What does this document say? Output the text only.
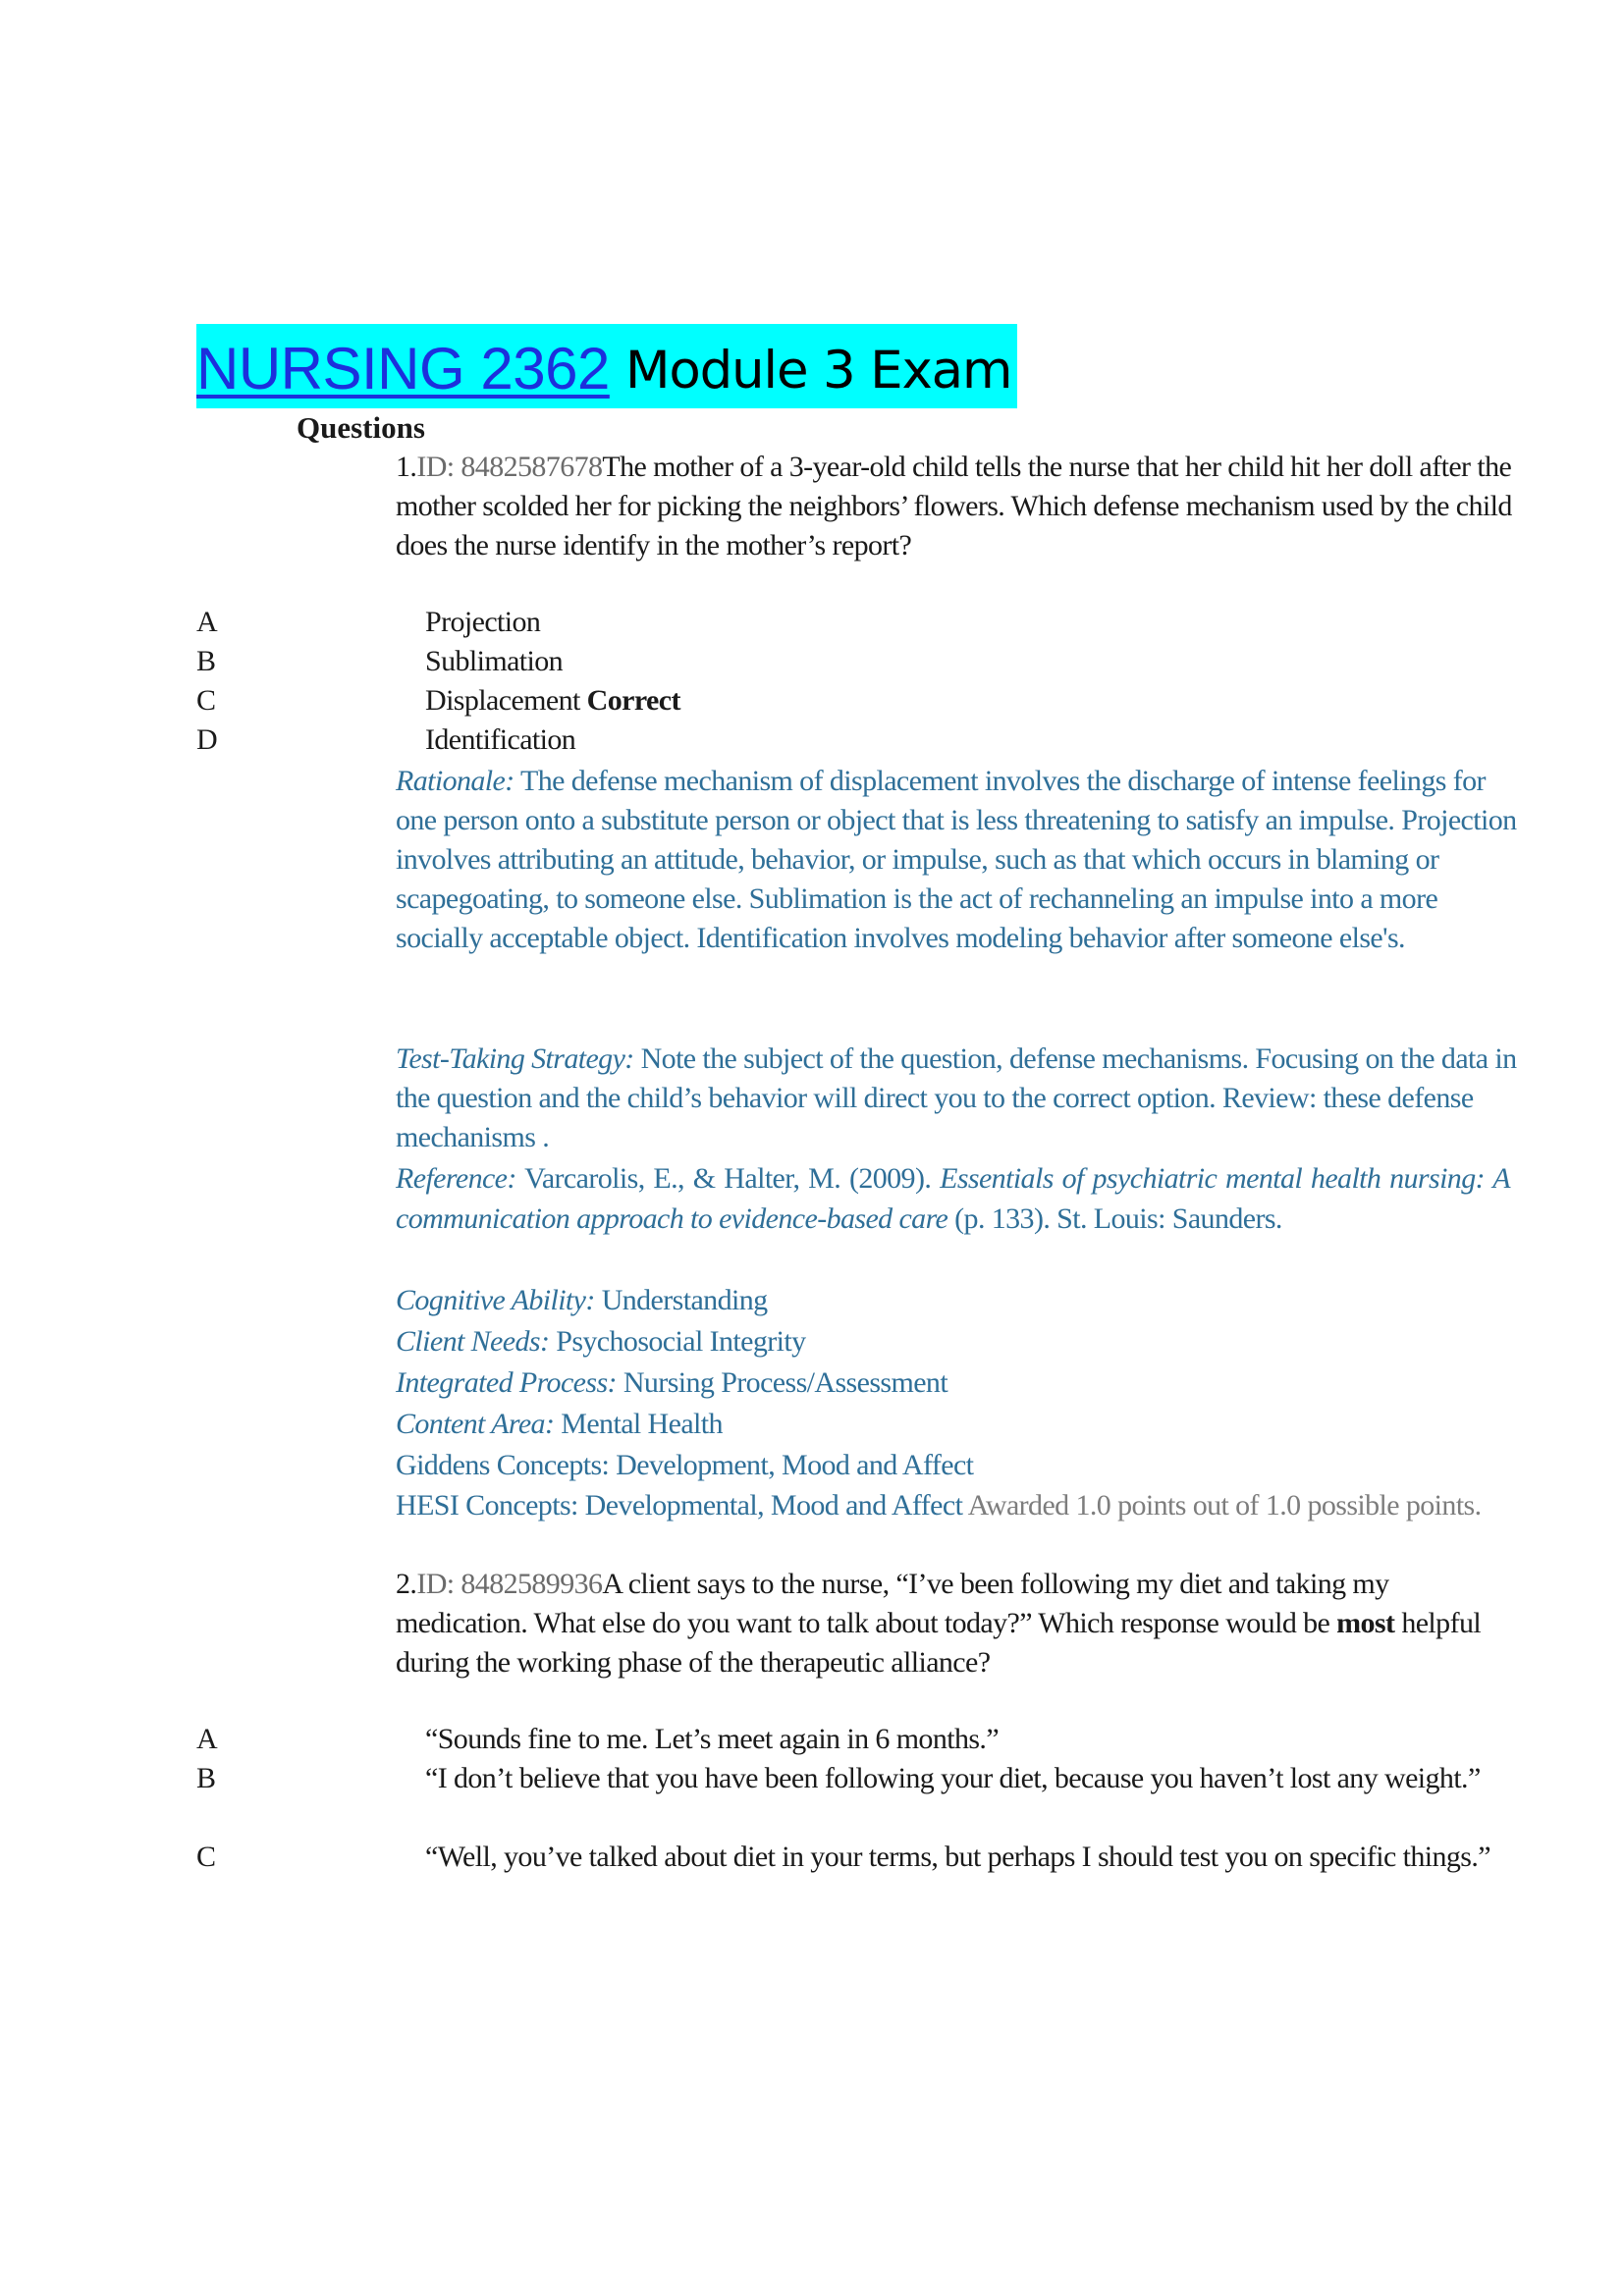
NURSING 2362 Module 3 Exam
Questions
1.ID: 8482587678The mother of a 3-year-old child tells the nurse that her child hit her doll after the mother scolded her for picking the neighbors’ flowers. Which defense mechanism used by the child does the nurse identify in the mother’s report?
A	Projection
B	Sublimation
C	Displacement Correct
D	Identification
Rationale: The defense mechanism of displacement involves the discharge of intense feelings for one person onto a substitute person or object that is less threatening to satisfy an impulse. Projection involves attributing an attitude, behavior, or impulse, such as that which occurs in blaming or scapegoating, to someone else. Sublimation is the act of rechanneling an impulse into a more socially acceptable object. Identification involves modeling behavior after someone else's.
Test-Taking Strategy: Note the subject of the question, defense mechanisms. Focusing on the data in the question and the child’s behavior will direct you to the correct option. Review: these defense mechanisms .
Reference: Varcarolis, E., & Halter, M. (2009). Essentials of psychiatric mental health nursing: A communication approach to evidence-based care (p. 133). St. Louis: Saunders.
Cognitive Ability: Understanding
Client Needs: Psychosocial Integrity
Integrated Process: Nursing Process/Assessment
Content Area: Mental Health
Giddens Concepts: Development, Mood and Affect
HESI Concepts: Developmental, Mood and Affect Awarded 1.0 points out of 1.0 possible points.
2.ID: 8482589936A client says to the nurse, “I’ve been following my diet and taking my medication. What else do you want to talk about today?” Which response would be most helpful during the working phase of the therapeutic alliance?
A	“Sounds fine to me. Let’s meet again in 6 months.”
B	“I don’t believe that you have been following your diet, because you haven’t lost any weight.”
C	“Well, you’ve talked about diet in your terms, but perhaps I should test you on specific things.”
